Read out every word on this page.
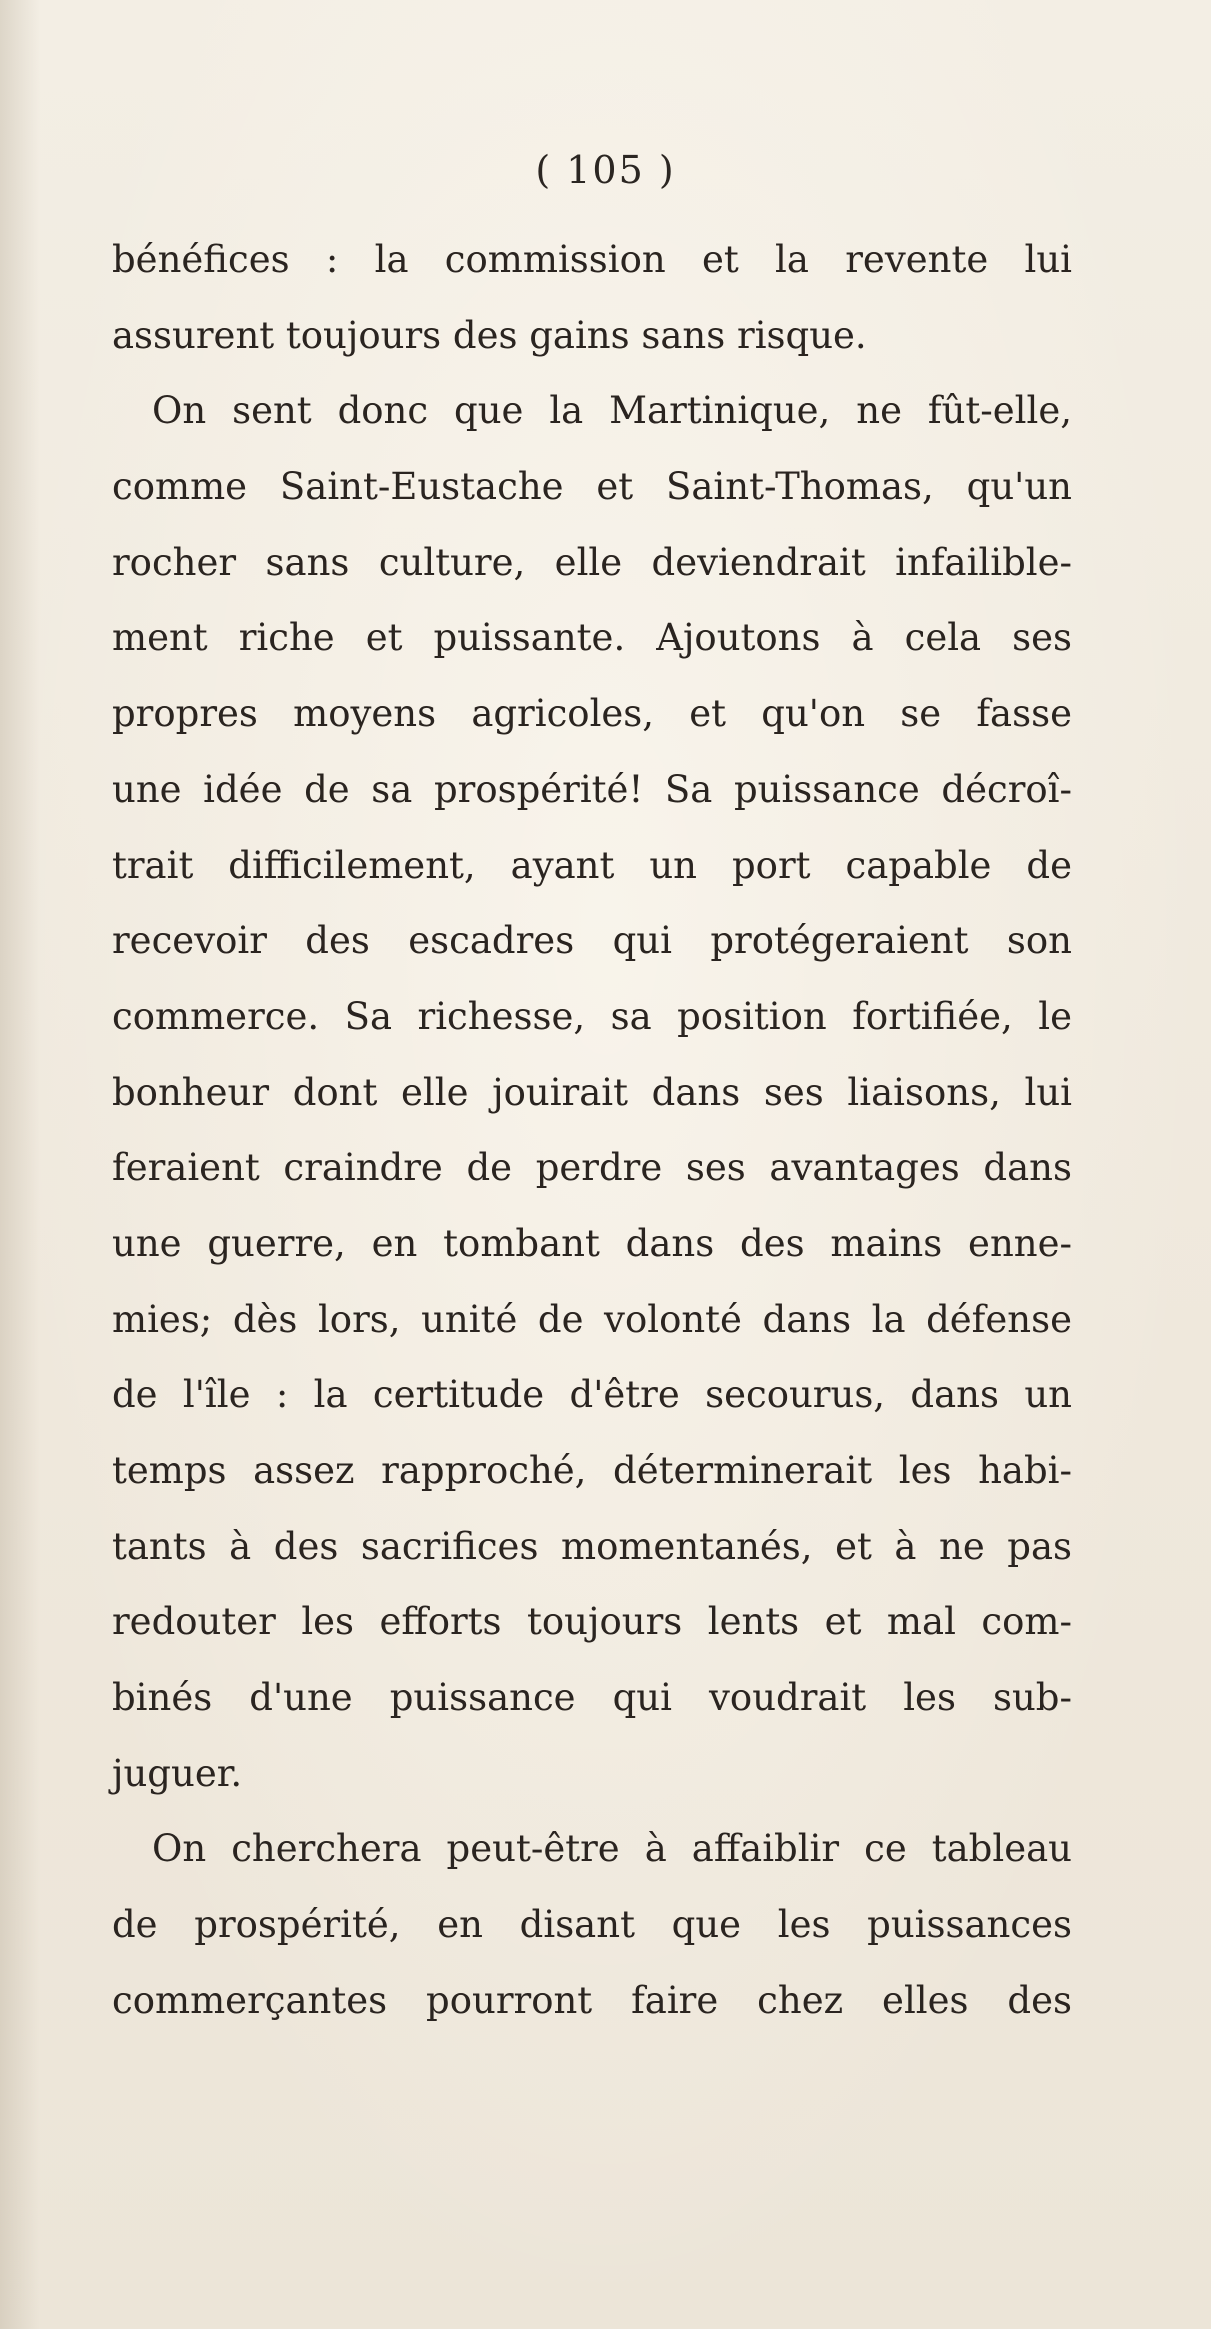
( 105 )
bénéfices : la commission et la revente lui
assurent toujours des gains sans risque.
On sent donc que la Martinique, ne fût-elle,
comme Saint-Eustache et Saint-Thomas, qu'un
rocher sans culture, elle deviendrait infailible-
ment riche et puissante. Ajoutons à cela ses
propres moyens agricoles, et qu'on se fasse
une idée de sa prospérité! Sa puissance décroî-
trait difficilement, ayant un port capable de
recevoir des escadres qui protégeraient son
commerce. Sa richesse, sa position fortifiée, le
bonheur dont elle jouirait dans ses liaisons, lui
feraient craindre de perdre ses avantages dans
une guerre, en tombant dans des mains enne-
mies; dès lors, unité de volonté dans la défense
de l'île : la certitude d'être secourus, dans un
temps assez rapproché, déterminerait les habi-
tants à des sacrifices momentanés, et à ne pas
redouter les efforts toujours lents et mal com-
binés d'une puissance qui voudrait les sub-
juguer.
On cherchera peut-être à affaiblir ce tableau
de prospérité, en disant que les puissances
commerçantes pourront faire chez elles des
